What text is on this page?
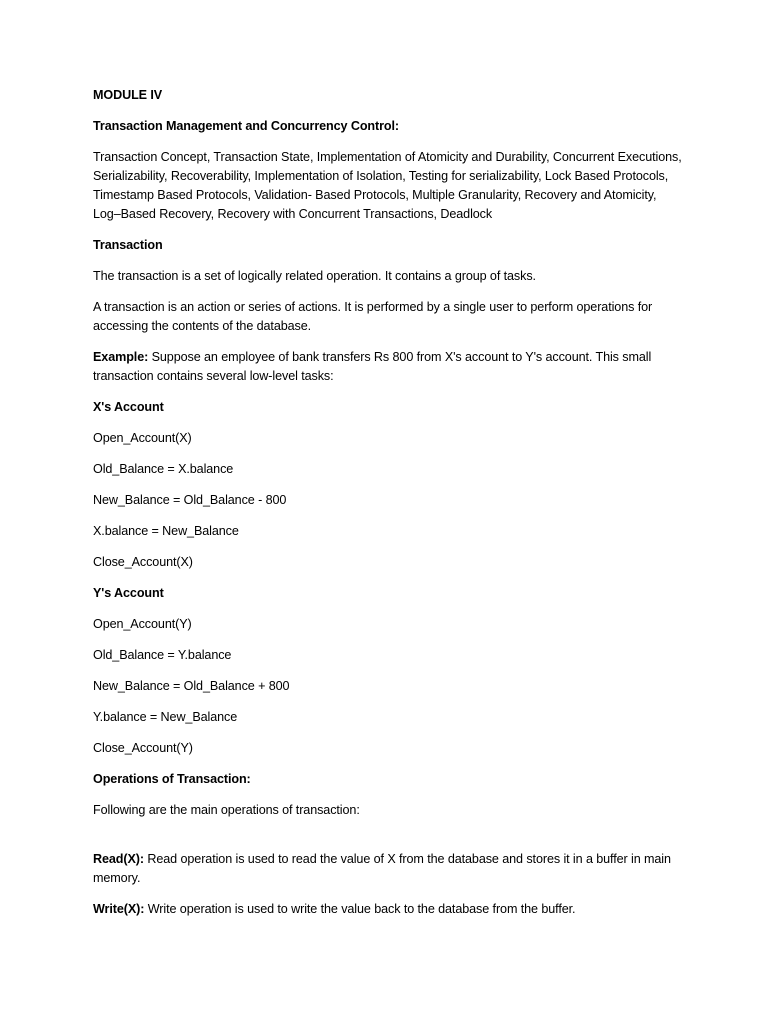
MODULE IV

Transaction Management and Concurrency Control:

Transaction Concept, Transaction State, Implementation of Atomicity and Durability, Concurrent Executions, Serializability, Recoverability, Implementation of Isolation, Testing for serializability, Lock Based Protocols, Timestamp Based Protocols, Validation- Based Protocols, Multiple Granularity, Recovery and Atomicity, Log–Based Recovery, Recovery with Concurrent Transactions, Deadlock

Transaction

The transaction is a set of logically related operation. It contains a group of tasks.

A transaction is an action or series of actions. It is performed by a single user to perform operations for accessing the contents of the database.

Example: Suppose an employee of bank transfers Rs 800 from X's account to Y's account. This small transaction contains several low-level tasks:

X's Account

Open_Account(X)

Old_Balance = X.balance

New_Balance = Old_Balance - 800

X.balance = New_Balance

Close_Account(X)

Y's Account

Open_Account(Y)

Old_Balance = Y.balance

New_Balance = Old_Balance + 800

Y.balance = New_Balance

Close_Account(Y)

Operations of Transaction:

Following are the main operations of transaction:

Read(X): Read operation is used to read the value of X from the database and stores it in a buffer in main memory.

Write(X): Write operation is used to write the value back to the database from the buffer.
